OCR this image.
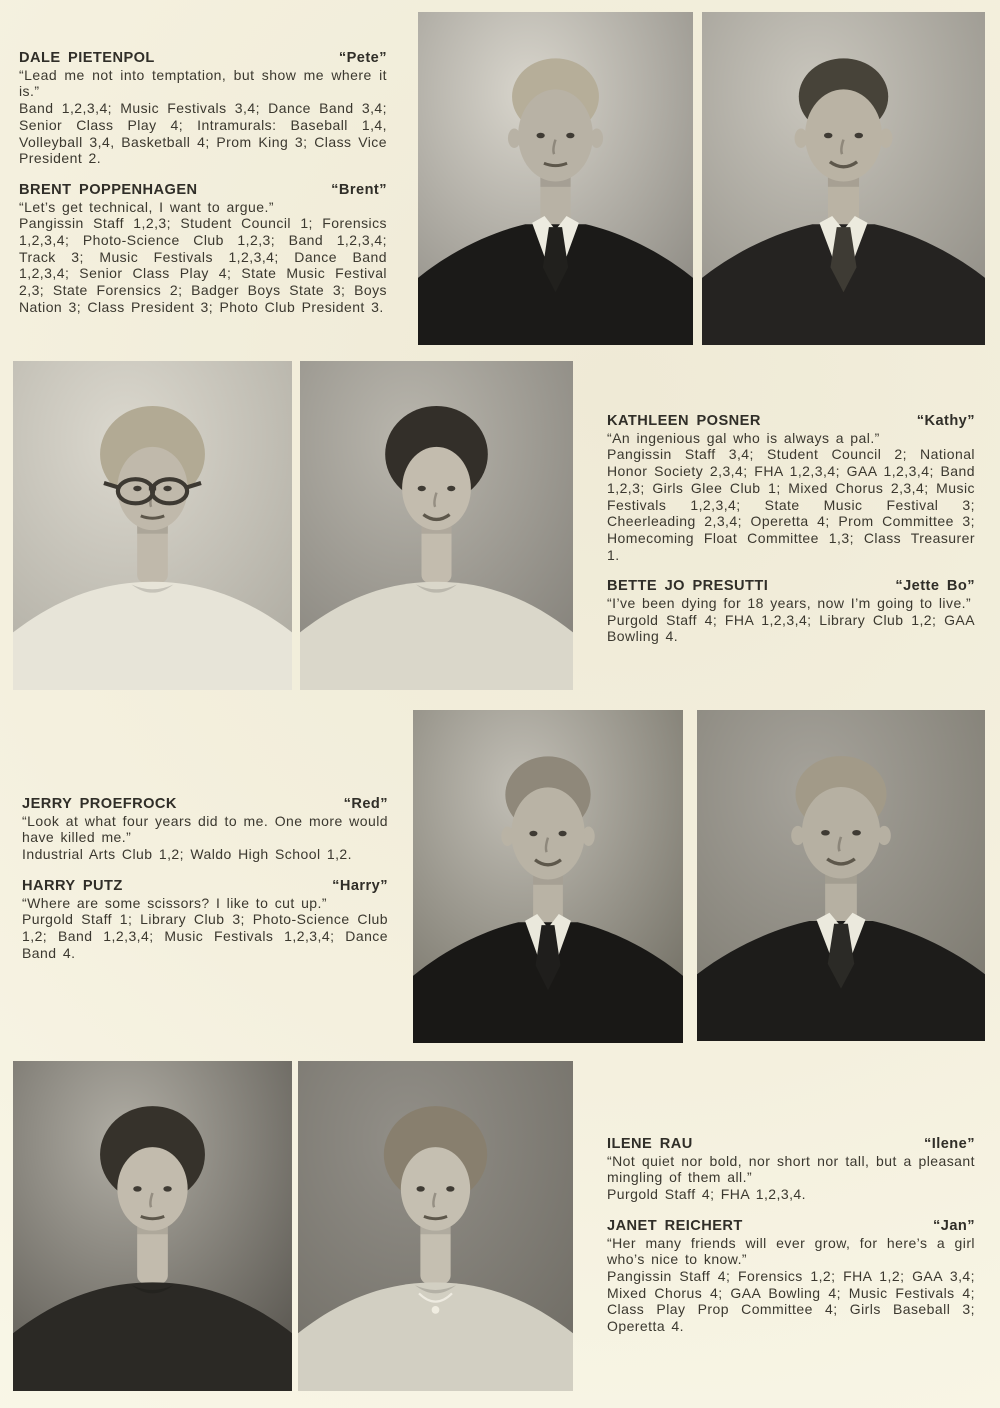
DALE PIETENPOL	“Pete”

“Lead me not into temptation, but show me where it is.”

Band 1,2,3,4; Music Festivals 3,4; Dance Band 3,4; Senior Class Play 4; Intramurals: Baseball 1,4, Volleyball 3,4, Basketball 4; Prom King 3; Class Vice President 2.

BRENT POPPENHAGEN	“Brent”

“Let’s get technical, I want to argue.”

Pangissin Staff 1,2,3; Student Council 1; Forensics 1,2,3,4; Photo-Science Club 1,2,3; Band 1,2,3,4; Track 3; Music Festivals 1,2,3,4; Dance Band 1,2,3,4; Senior Class Play 4; State Music Festival 2,3; State Forensics 2; Badger Boys State 3; Boys Nation 3; Class President 3; Photo Club President 3.

KATHLEEN POSNER	“Kathy”

“An ingenious gal who is always a pal.”

Pangissin Staff 3,4; Student Council 2; National Honor Society 2,3,4; FHA 1,2,3,4; GAA 1,2,3,4; Band 1,2,3; Girls Glee Club 1; Mixed Chorus 2,3,4; Music Festivals 1,2,3,4; State Music Festival 3; Cheerleading 2,3,4; Operetta 4; Prom Committee 3; Homecoming Float Committee 1,3; Class Treasurer 1.

BETTE JO PRESUTTI	“Jette Bo”

“I’ve been dying for 18 years, now I’m going to live.”

Purgold Staff 4; FHA 1,2,3,4; Library Club 1,2; GAA Bowling 4.

JERRY PROEFROCK	“Red”

“Look at what four years did to me. One more would have killed me.”

Industrial Arts Club 1,2; Waldo High School 1,2.

HARRY PUTZ	“Harry”

“Where are some scissors? I like to cut up.”

Purgold Staff 1; Library Club 3; Photo-Science Club 1,2; Band 1,2,3,4; Music Festivals 1,2,3,4; Dance Band 4.

ILENE RAU	“Ilene”

“Not quiet nor bold, nor short nor tall, but a pleasant mingling of them all.”

Purgold Staff 4; FHA 1,2,3,4.

JANET REICHERT	“Jan”

“Her many friends will ever grow, for here’s a girl who’s nice to know.”

Pangissin Staff 4; Forensics 1,2; FHA 1,2; GAA 3,4; Mixed Chorus 4; GAA Bowling 4; Music Festivals 4; Class Play Prop Committee 4; Girls Baseball 3; Operetta 4.
